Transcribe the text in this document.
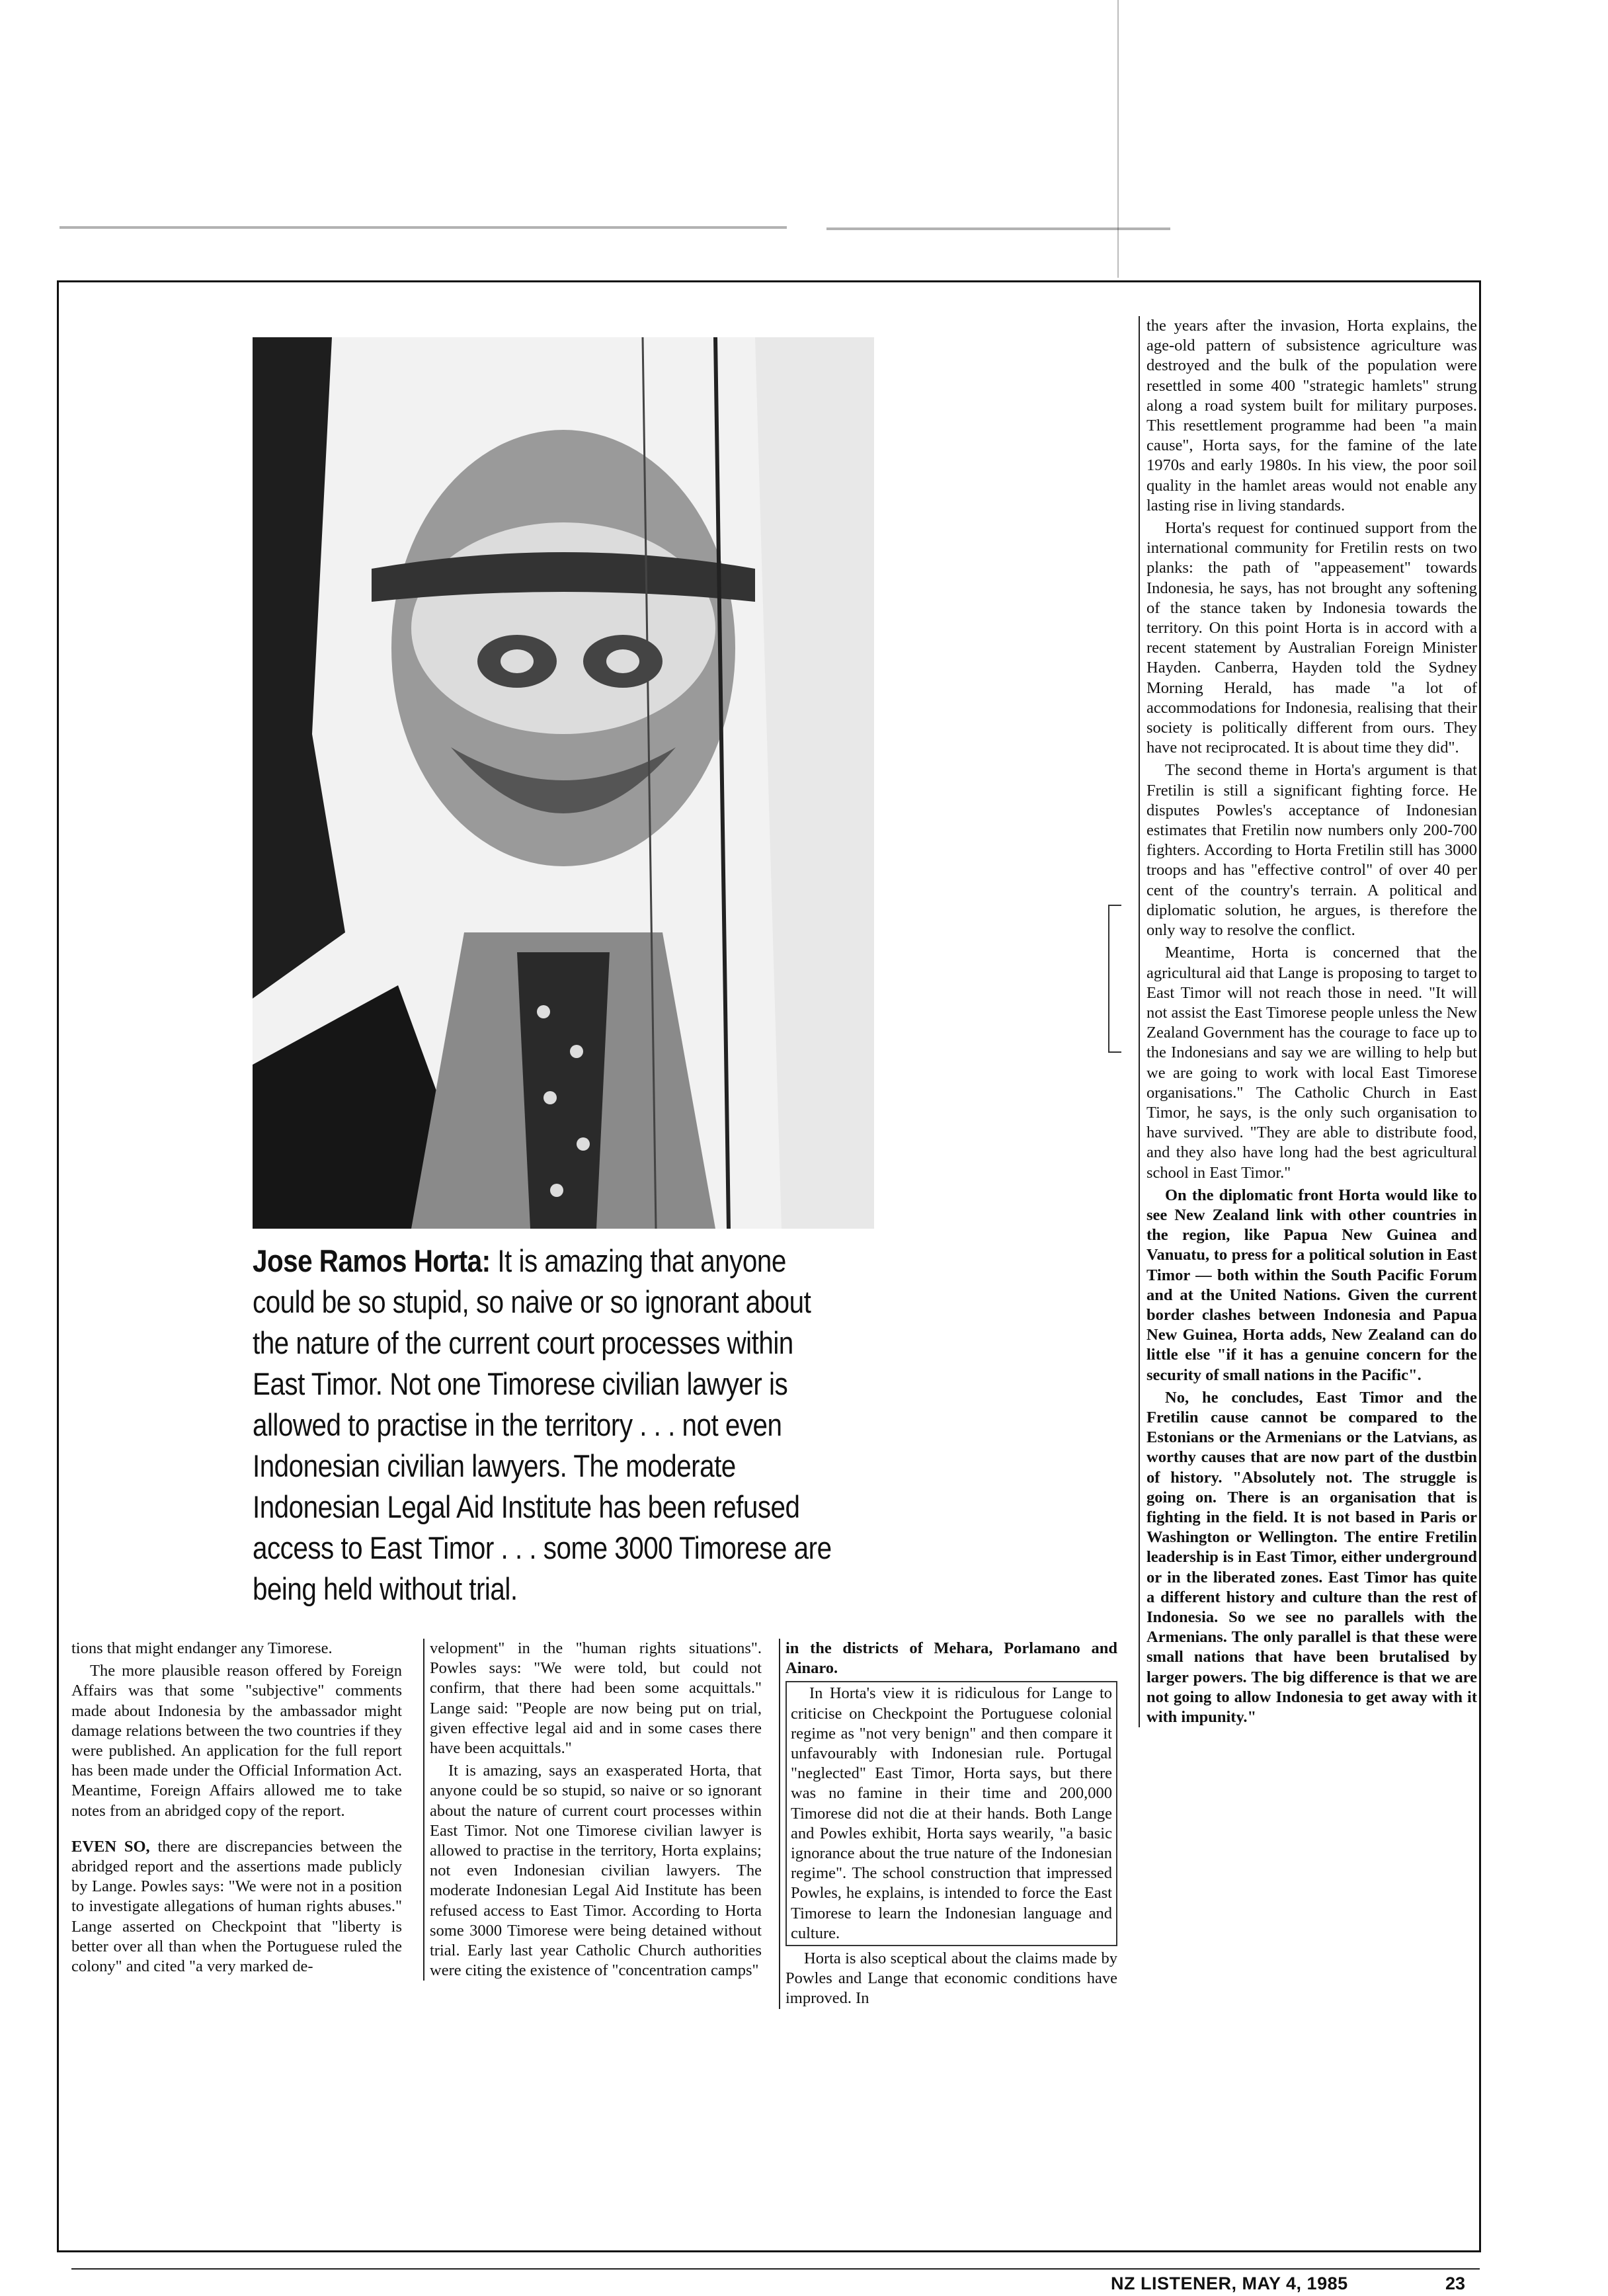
Jose Ramos Horta: It is amazing that anyone could be so stupid, so naive or so ignorant about the nature of the current court processes within East Timor. Not one Timorese civilian lawyer is allowed to practise in the territory . . . not even Indonesian civilian lawyers. The moderate Indonesian Legal Aid Institute has been refused access to East Timor . . . some 3000 Timorese are being held without trial.

the years after the invasion, Horta explains, the age-old pattern of subsistence agriculture was destroyed and the bulk of the population were resettled in some 400 "strategic hamlets" strung along a road system built for military purposes. This resettlement programme had been "a main cause", Horta says, for the famine of the late 1970s and early 1980s. In his view, the poor soil quality in the hamlet areas would not enable any lasting rise in living standards.

Horta's request for continued support from the international community for Fretilin rests on two planks: the path of "appeasement" towards Indonesia, he says, has not brought any softening of the stance taken by Indonesia towards the territory. On this point Horta is in accord with a recent statement by Australian Foreign Minister Hayden. Canberra, Hayden told the Sydney Morning Herald, has made "a lot of accommodations for Indonesia, realising that their society is politically different from ours. They have not reciprocated. It is about time they did".

The second theme in Horta's argument is that Fretilin is still a significant fighting force. He disputes Powles's acceptance of Indonesian estimates that Fretilin now numbers only 200-700 fighters. According to Horta Fretilin still has 3000 troops and has "effective control" of over 40 per cent of the country's terrain. A political and diplomatic solution, he argues, is therefore the only way to resolve the conflict.

Meantime, Horta is concerned that the agricultural aid that Lange is proposing to target to East Timor will not reach those in need. "It will not assist the East Timorese people unless the New Zealand Government has the courage to face up to the Indonesians and say we are willing to help but we are going to work with local East Timorese organisations." The Catholic Church in East Timor, he says, is the only such organisation to have survived. "They are able to distribute food, and they also have long had the best agricultural school in East Timor."

On the diplomatic front Horta would like to see New Zealand link with other countries in the region, like Papua New Guinea and Vanuatu, to press for a political solution in East Timor — both within the South Pacific Forum and at the United Nations. Given the current border clashes between Indonesia and Papua New Guinea, Horta adds, New Zealand can do little else "if it has a genuine concern for the security of small nations in the Pacific".

No, he concludes, East Timor and the Fretilin cause cannot be compared to the Estonians or the Armenians or the Latvians, as worthy causes that are now part of the dustbin of history. "Absolutely not. The struggle is going on. There is an organisation that is fighting in the field. It is not based in Paris or Washington or Wellington. The entire Fretilin leadership is in East Timor, either underground or in the liberated zones. East Timor has quite a different history and culture than the rest of Indonesia. So we see no parallels with the Armenians. The only parallel is that these were small nations that have been brutalised by larger powers. The big difference is that we are not going to allow Indonesia to get away with it with impunity."

tions that might endanger any Timorese.

The more plausible reason offered by Foreign Affairs was that some "subjective" comments made about Indonesia by the ambassador might damage relations between the two countries if they were published. An application for the full report has been made under the Official Information Act. Meantime, Foreign Affairs allowed me to take notes from an abridged copy of the report.

EVEN SO, there are discrepancies between the abridged report and the assertions made publicly by Lange. Powles says: "We were not in a position to investigate allegations of human rights abuses." Lange asserted on Checkpoint that "liberty is better over all than when the Portuguese ruled the colony" and cited "a very marked de-

velopment" in the "human rights situations". Powles says: "We were told, but could not confirm, that there had been some acquittals." Lange said: "People are now being put on trial, given effective legal aid and in some cases there have been acquittals."

It is amazing, says an exasperated Horta, that anyone could be so stupid, so naive or so ignorant about the nature of current court processes within East Timor. Not one Timorese civilian lawyer is allowed to practise in the territory, Horta explains; not even Indonesian civilian lawyers. The moderate Indonesian Legal Aid Institute has been refused access to East Timor. According to Horta some 3000 Timorese were being detained without trial. Early last year Catholic Church authorities were citing the existence of "concentration camps"

in the districts of Mehara, Porlamano and Ainaro.

In Horta's view it is ridiculous for Lange to criticise on Checkpoint the Portuguese colonial regime as "not very benign" and then compare it unfavourably with Indonesian rule. Portugal "neglected" East Timor, Horta says, but there was no famine in their time and 200,000 Timorese did not die at their hands. Both Lange and Powles exhibit, Horta says wearily, "a basic ignorance about the true nature of the Indonesian regime". The school construction that impressed Powles, he explains, is intended to force the East Timorese to learn the Indonesian language and culture.

Horta is also sceptical about the claims made by Powles and Lange that economic conditions have improved. In

NZ LISTENER, MAY 4, 1985	23
